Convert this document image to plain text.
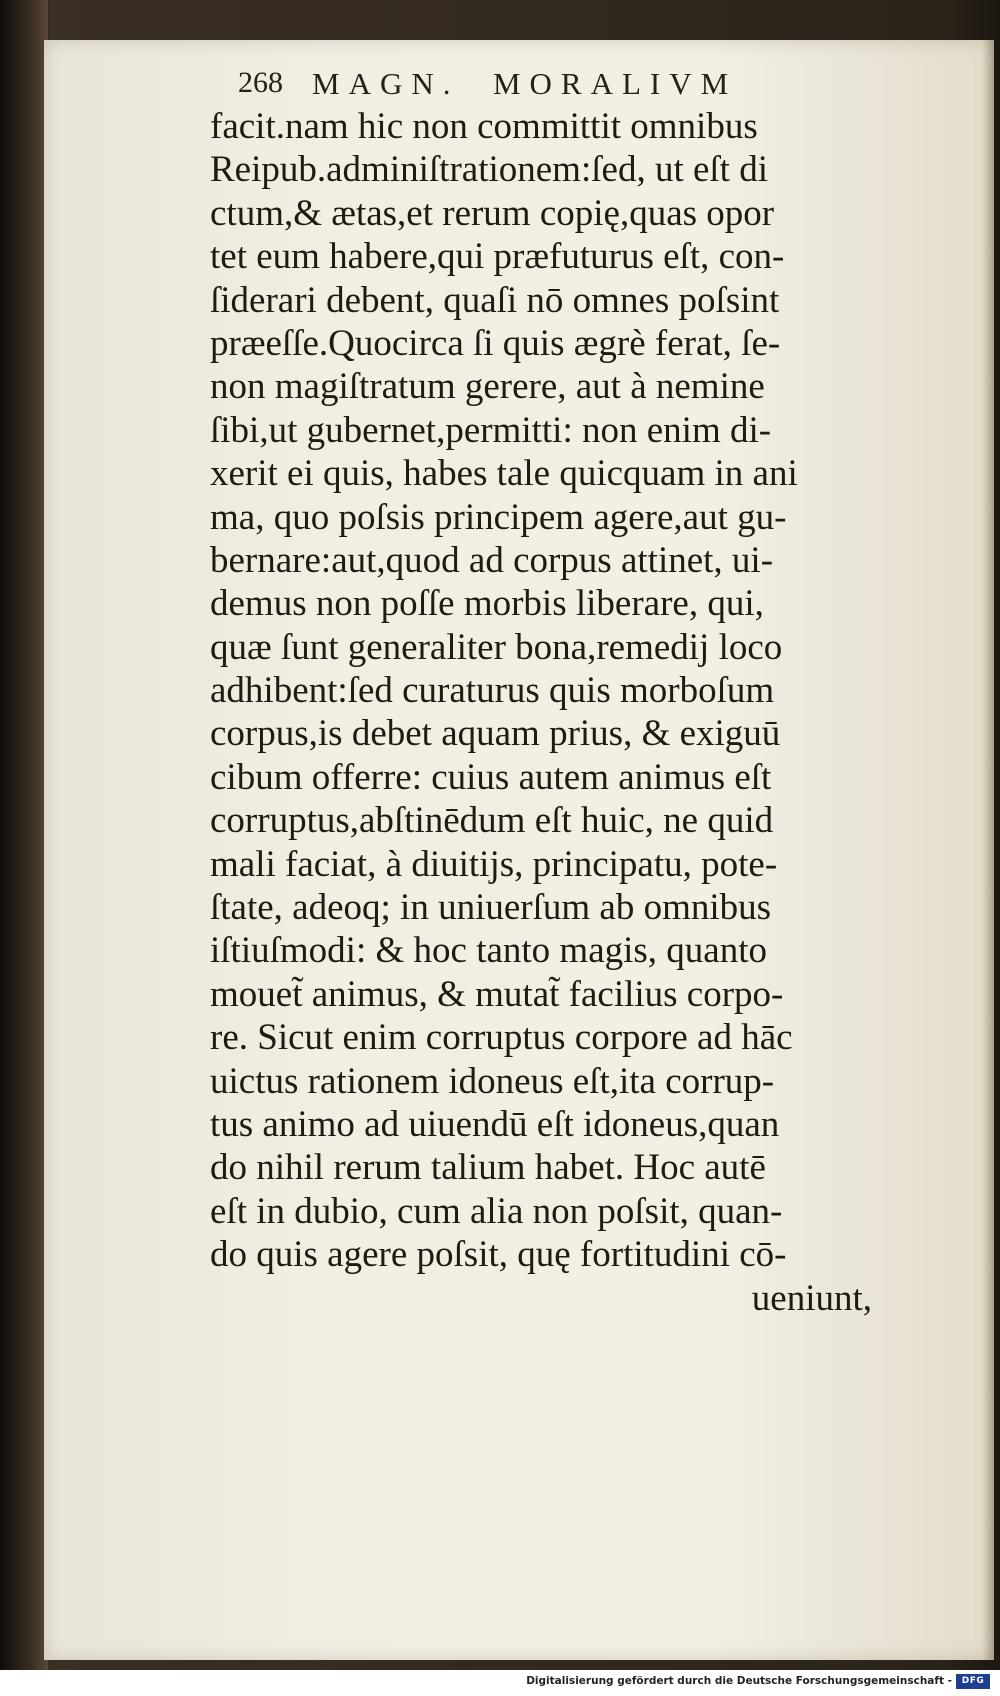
268 MAGN.  MORALIVM
facit.nam hic non committit omnibus
Reipub.adminiſtrationem:ſed, ut eſt di
ctum,& ætas,et rerum copię,quas opor
tet eum habere,qui præfuturus eſt, con-
ſiderari debent, quaſi nō omnes poſsint
præeſſe.Quocirca ſi quis ægrè ferat, ſe-
non magiſtratum gerere, aut à nemine
ſibi,ut gubernet,permitti: non enim di-
xerit ei quis, habes tale quicquam in ani
ma, quo poſsis principem agere,aut gu-
bernare:aut,quod ad corpus attinet, ui-
demus non poſſe morbis liberare, qui,
quæ ſunt generaliter bona,remedij loco
adhibent:ſed curaturus quis morboſum
corpus,is debet aquam prius, & exiguū
cibum offerre: cuius autem animus eſt
corruptus,abſtinēdum eſt huic, ne quid
mali faciat, à diuitijs, principatu, pote-
ſtate, adeoq; in uniuerſum ab omnibus
iſtiuſmodi: & hoc tanto magis, quanto
mouet̃ animus, & mutat̃ facilius corpo-
re. Sicut enim corruptus corpore ad hāc
uictus rationem idoneus eſt,ita corrup-
tus animo ad uiuendū eſt idoneus,quan
do nihil rerum talium habet. Hoc autē
eſt in dubio, cum alia non poſsit, quan-
do quis agere poſsit, quę fortitudini cō-
ueniunt,
Digitalisierung gefördert durch die Deutsche Forschungsgemeinschaft -	DFG
